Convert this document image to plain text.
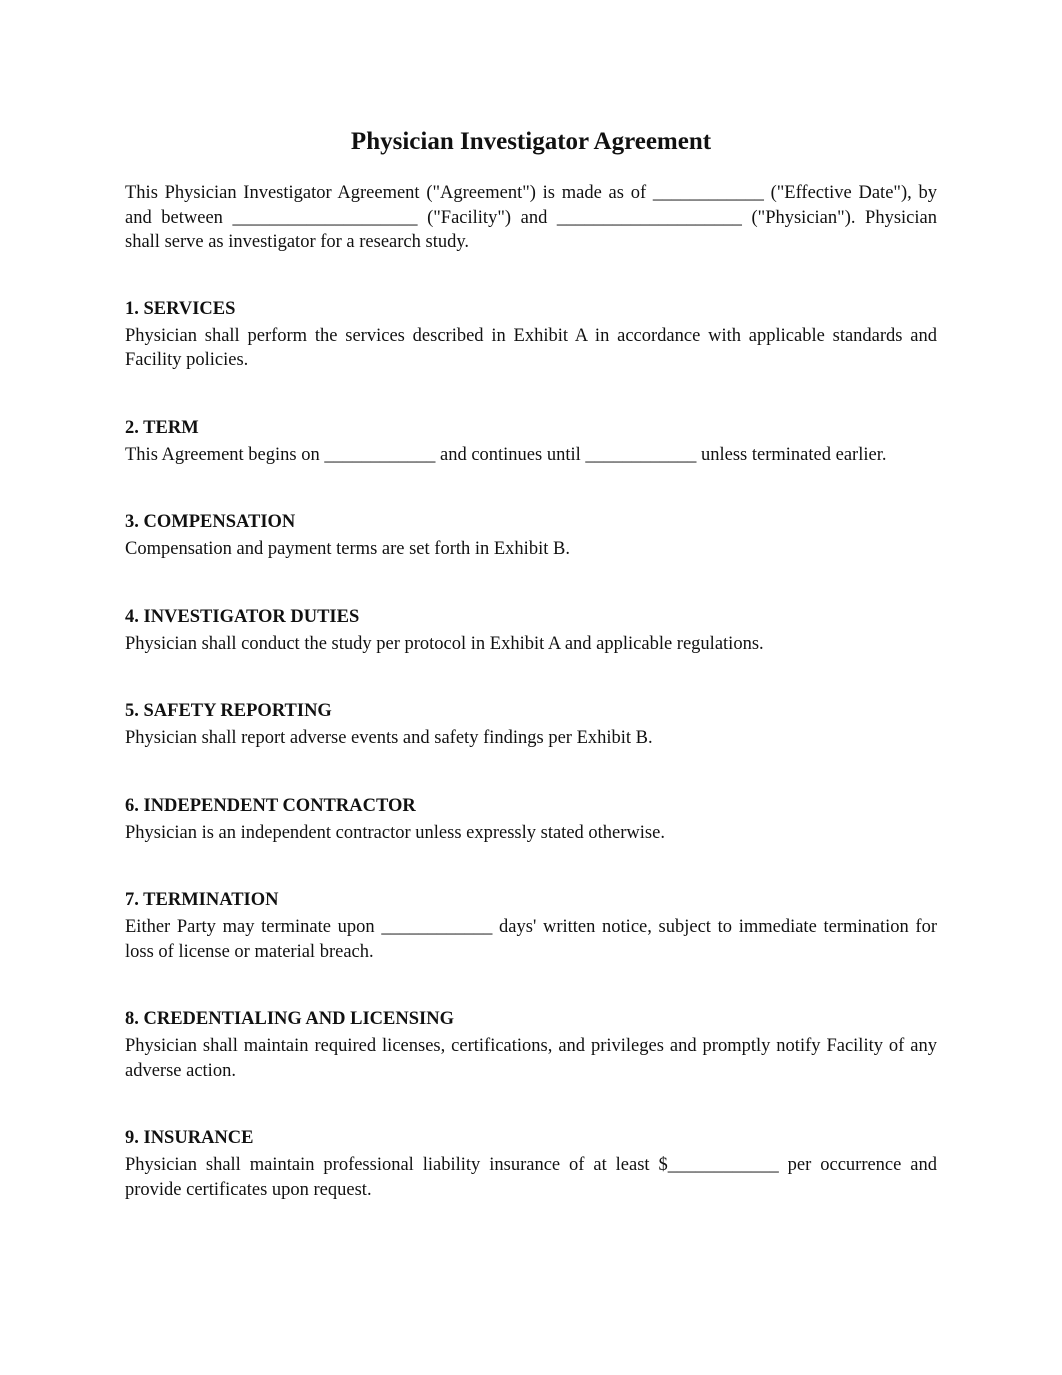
Physician Investigator Agreement

This Physician Investigator Agreement ("Agreement") is made as of ____________ ("Effective Date"), by and between ____________________ ("Facility") and ____________________ ("Physician"). Physician shall serve as investigator for a research study.

1. SERVICES

Physician shall perform the services described in Exhibit A in accordance with applicable standards and Facility policies.

2. TERM

This Agreement begins on ____________ and continues until ____________ unless terminated earlier.

3. COMPENSATION

Compensation and payment terms are set forth in Exhibit B.

4. INVESTIGATOR DUTIES

Physician shall conduct the study per protocol in Exhibit A and applicable regulations.

5. SAFETY REPORTING

Physician shall report adverse events and safety findings per Exhibit B.

6. INDEPENDENT CONTRACTOR

Physician is an independent contractor unless expressly stated otherwise.

7. TERMINATION

Either Party may terminate upon ____________ days' written notice, subject to immediate termination for loss of license or material breach.

8. CREDENTIALING AND LICENSING

Physician shall maintain required licenses, certifications, and privileges and promptly notify Facility of any adverse action.

9. INSURANCE

Physician shall maintain professional liability insurance of at least $____________ per occurrence and provide certificates upon request.
